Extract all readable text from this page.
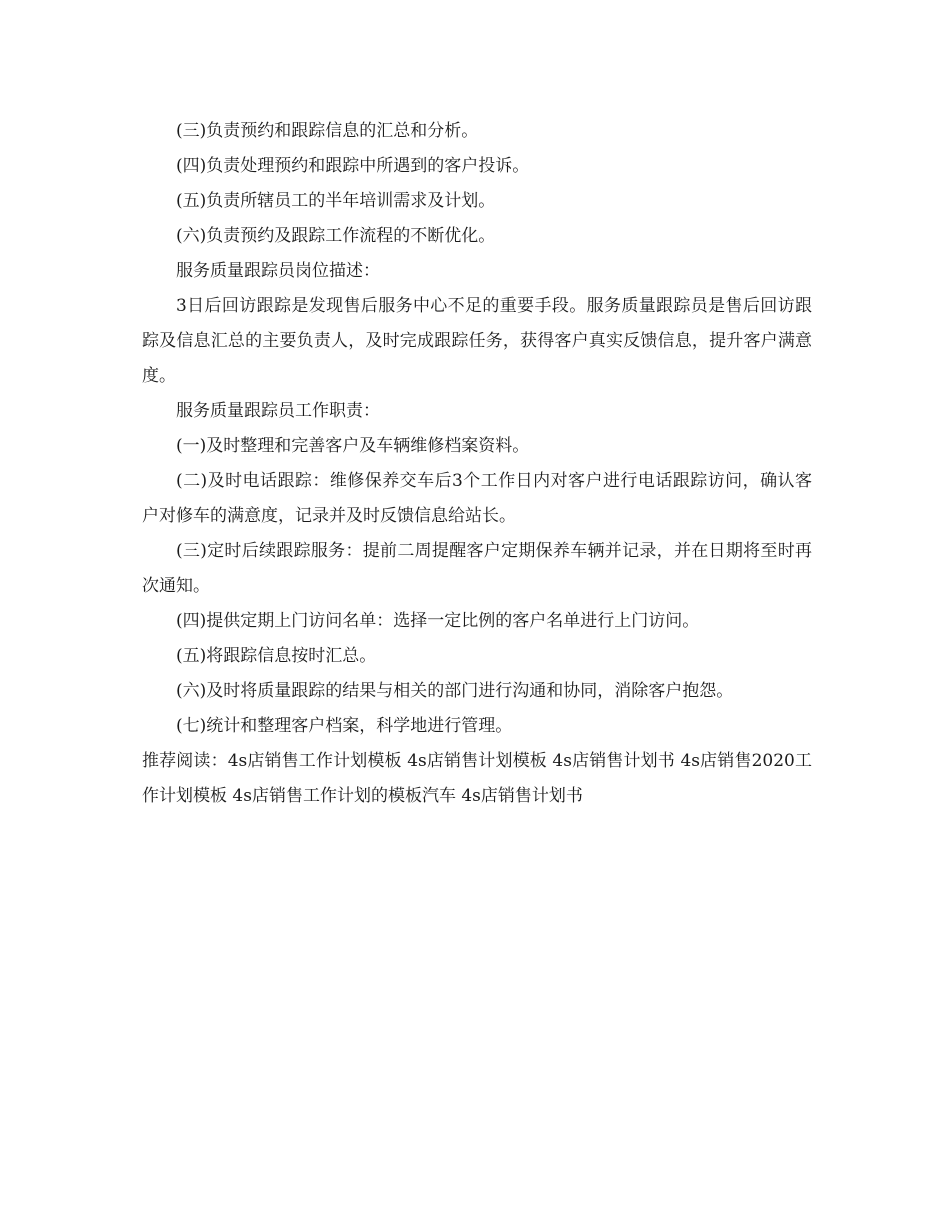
(三)负责预约和跟踪信息的汇总和分析。

(四)负责处理预约和跟踪中所遇到的客户投诉。

(五)负责所辖员工的半年培训需求及计划。

(六)负责预约及跟踪工作流程的不断优化。

服务质量跟踪员岗位描述：

3日后回访跟踪是发现售后服务中心不足的重要手段。服务质量跟踪员是售后回访跟踪及信息汇总的主要负责人，及时完成跟踪任务，获得客户真实反馈信息，提升客户满意度。

服务质量跟踪员工作职责：

(一)及时整理和完善客户及车辆维修档案资料。

(二)及时电话跟踪：维修保养交车后3个工作日内对客户进行电话跟踪访问，确认客户对修车的满意度，记录并及时反馈信息给站长。

(三)定时后续跟踪服务：提前二周提醒客户定期保养车辆并记录，并在日期将至时再次通知。

(四)提供定期上门访问名单：选择一定比例的客户名单进行上门访问。

(五)将跟踪信息按时汇总。

(六)及时将质量跟踪的结果与相关的部门进行沟通和协同，消除客户抱怨。

(七)统计和整理客户档案，科学地进行管理。

推荐阅读：4s店销售工作计划模板 4s店销售计划模板 4s店销售计划书 4s店销售2020工作计划模板 4s店销售工作计划的模板汽车 4s店销售计划书
